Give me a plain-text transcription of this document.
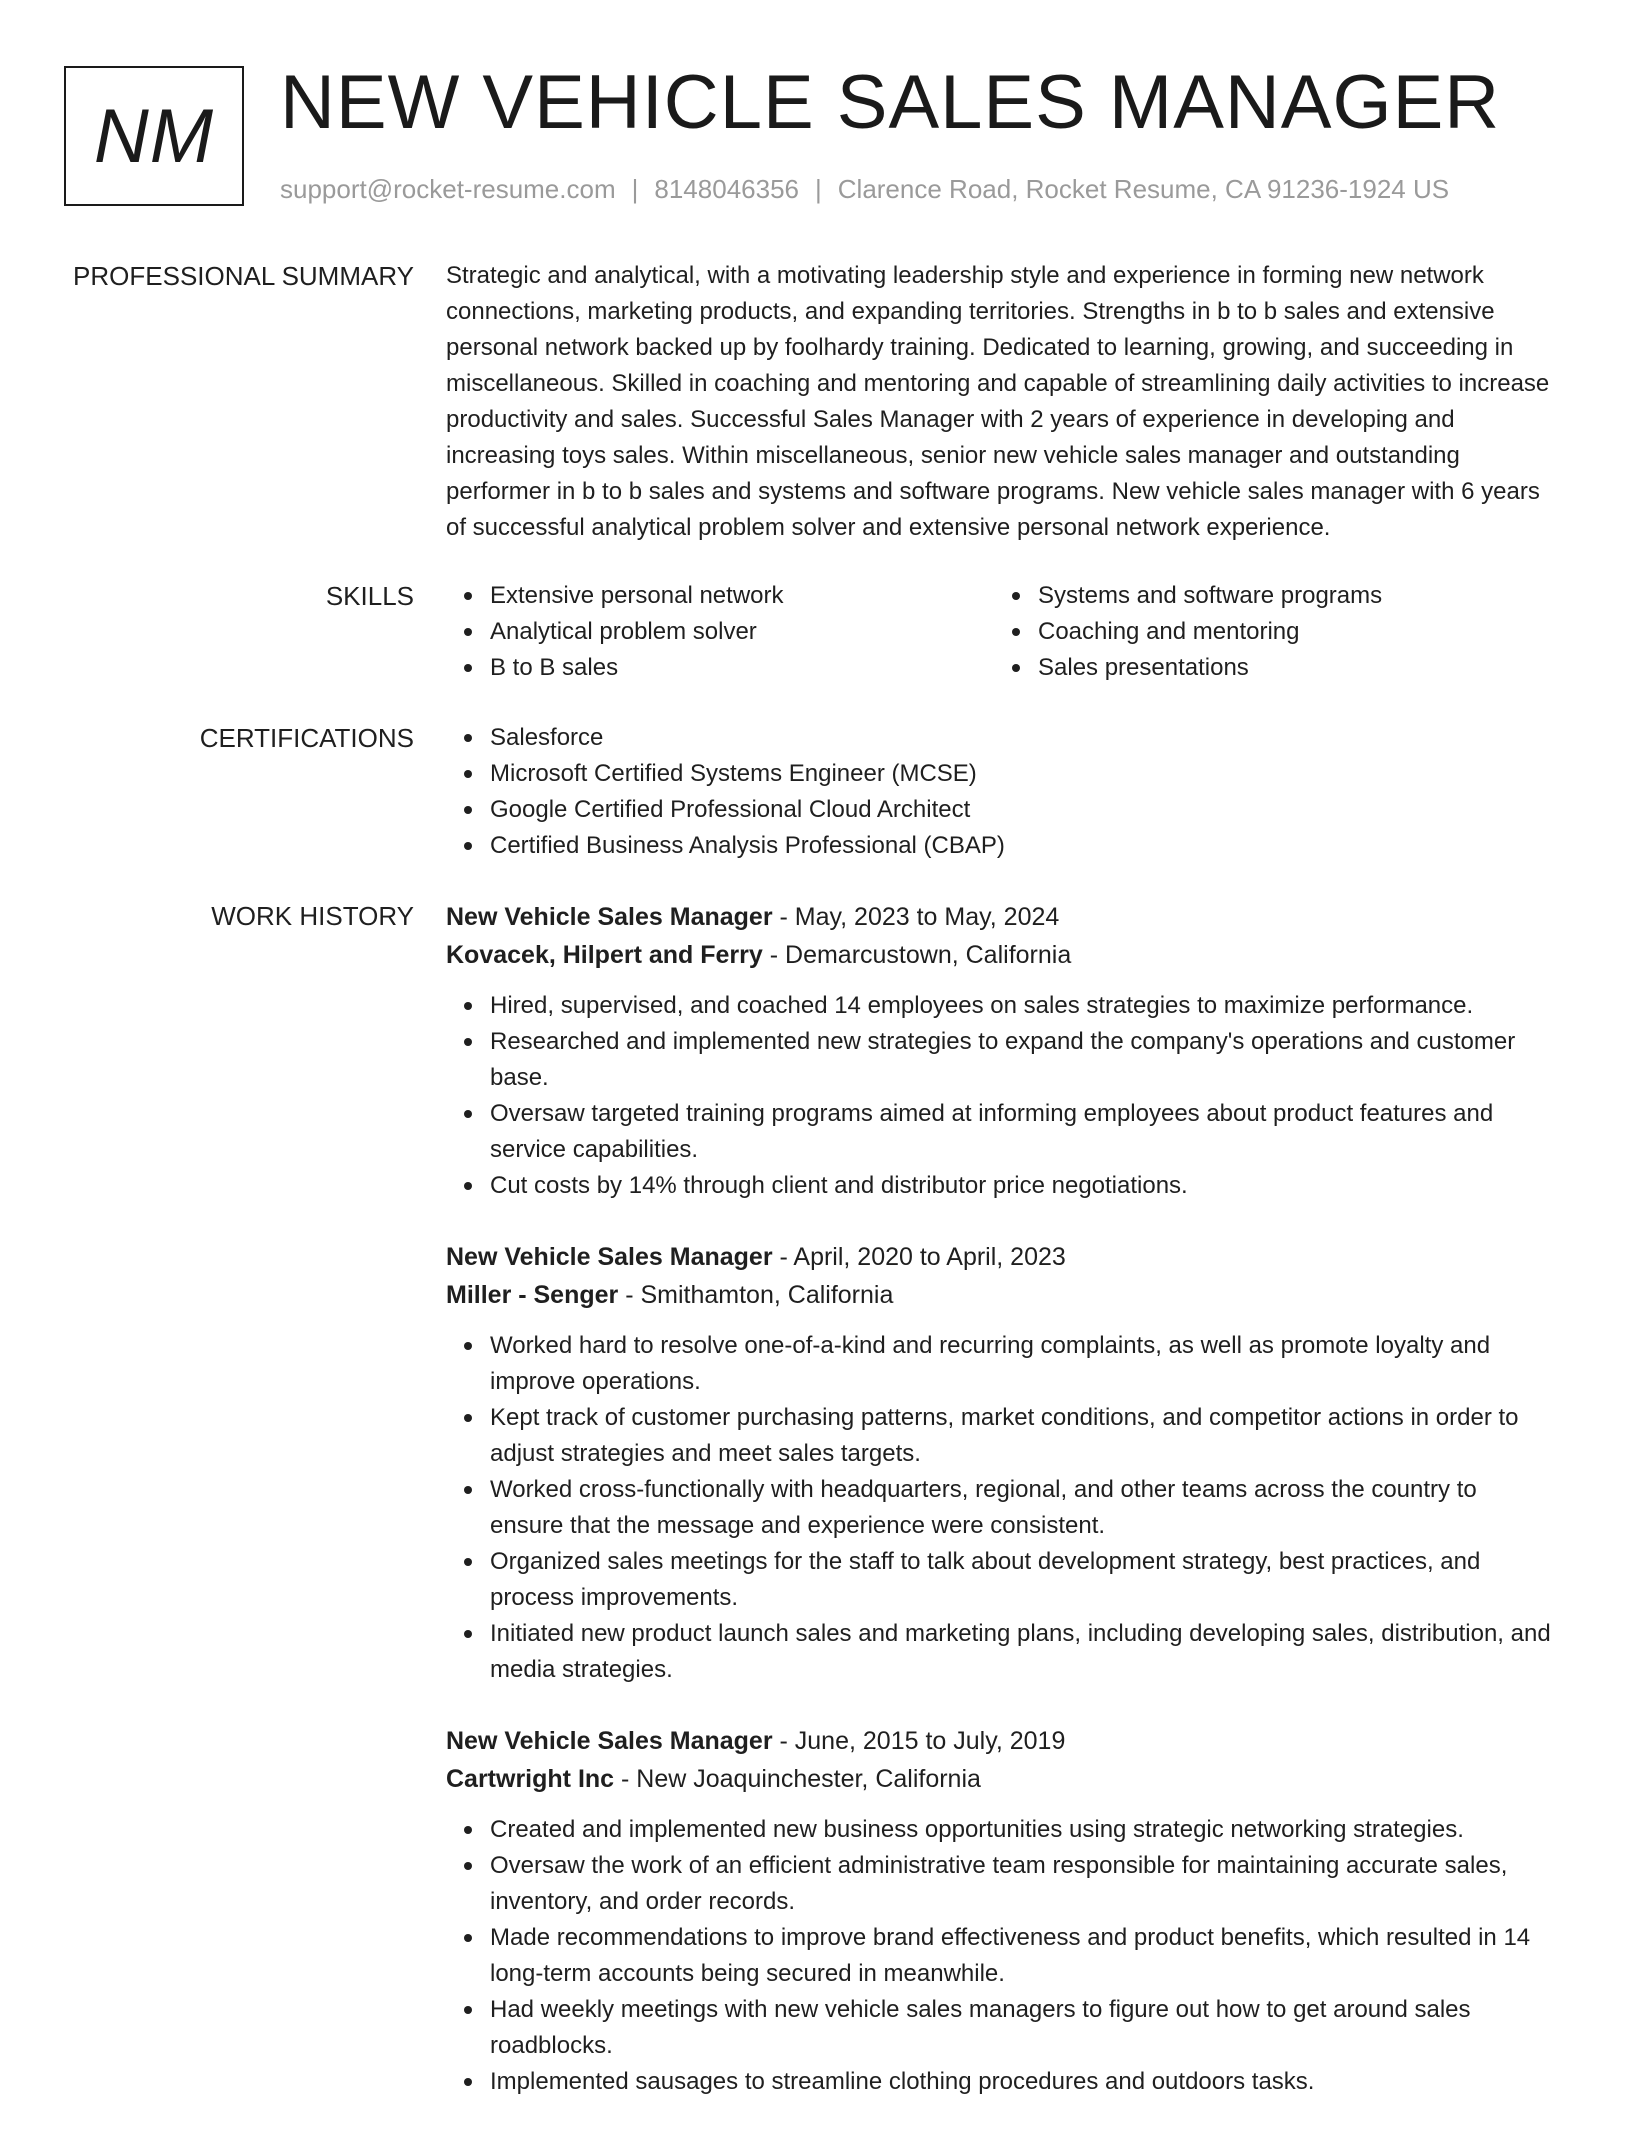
NM NEW VEHICLE SALES MANAGER
support@rocket-resume.com | 8148046356 | Clarence Road, Rocket Resume, CA 91236-1924 US
PROFESSIONAL SUMMARY Strategic and analytical, with a motivating leadership style and experience in forming new network connections, marketing products, and expanding territories. Strengths in b to b sales and extensive personal network backed up by foolhardy training. Dedicated to learning, growing, and succeeding in miscellaneous. Skilled in coaching and mentoring and capable of streamlining daily activities to increase productivity and sales. Successful Sales Manager with 2 years of experience in developing and increasing toys sales. Within miscellaneous, senior new vehicle sales manager and outstanding performer in b to b sales and systems and software programs. New vehicle sales manager with 6 years of successful analytical problem solver and extensive personal network experience.
SKILLS	Extensive personal network
Analytical problem solver
B to B sales
Systems and software programs
Coaching and mentoring
Sales presentations
CERTIFICATIONS	Salesforce
Microsoft Certified Systems Engineer (MCSE)
Google Certified Professional Cloud Architect
Certified Business Analysis Professional (CBAP)
WORK HISTORY New Vehicle Sales Manager - May, 2023 to May, 2024
Kovacek, Hilpert and Ferry - Demarcustown, California
Hired, supervised, and coached 14 employees on sales strategies to maximize performance.
Researched and implemented new strategies to expand the company's operations and customer base.
Oversaw targeted training programs aimed at informing employees about product features and service capabilities.
Cut costs by 14% through client and distributor price negotiations.
New Vehicle Sales Manager - April, 2020 to April, 2023
Miller - Senger - Smithamton, California
Worked hard to resolve one-of-a-kind and recurring complaints, as well as promote loyalty and improve operations.
Kept track of customer purchasing patterns, market conditions, and competitor actions in order to adjust strategies and meet sales targets.
Worked cross-functionally with headquarters, regional, and other teams across the country to ensure that the message and experience were consistent.
Organized sales meetings for the staff to talk about development strategy, best practices, and process improvements.
Initiated new product launch sales and marketing plans, including developing sales, distribution, and media strategies.
New Vehicle Sales Manager - June, 2015 to July, 2019
Cartwright Inc - New Joaquinchester, California
Created and implemented new business opportunities using strategic networking strategies.
Oversaw the work of an efficient administrative team responsible for maintaining accurate sales, inventory, and order records.
Made recommendations to improve brand effectiveness and product benefits, which resulted in 14 long-term accounts being secured in meanwhile.
Had weekly meetings with new vehicle sales managers to figure out how to get around sales roadblocks.
Implemented sausages to streamline clothing procedures and outdoors tasks.
